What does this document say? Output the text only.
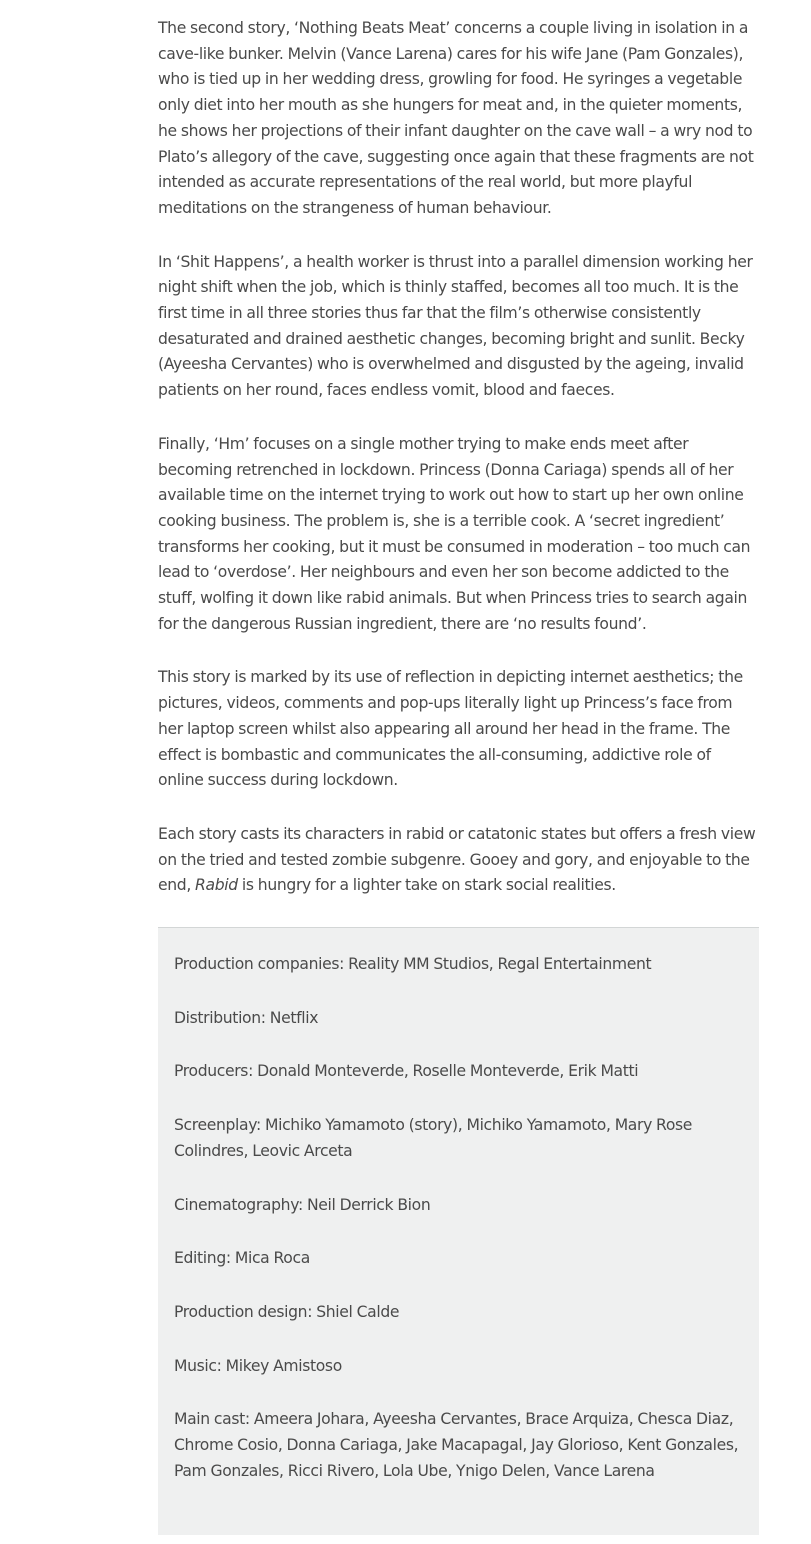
The second story, ‘Nothing Beats Meat’ concerns a couple living in isolation in a cave-like bunker. Melvin (Vance Larena) cares for his wife Jane (Pam Gonzales), who is tied up in her wedding dress, growling for food. He syringes a vegetable only diet into her mouth as she hungers for meat and, in the quieter moments, he shows her projections of their infant daughter on the cave wall – a wry nod to Plato’s allegory of the cave, suggesting once again that these fragments are not intended as accurate representations of the real world, but more playful meditations on the strangeness of human behaviour.

In ‘Shit Happens’, a health worker is thrust into a parallel dimension working her night shift when the job, which is thinly staffed, becomes all too much. It is the first time in all three stories thus far that the film’s otherwise consistently desaturated and drained aesthetic changes, becoming bright and sunlit. Becky (Ayeesha Cervantes) who is overwhelmed and disgusted by the ageing, invalid patients on her round, faces endless vomit, blood and faeces.

Finally, ‘Hm’ focuses on a single mother trying to make ends meet after becoming retrenched in lockdown. Princess (Donna Cariaga) spends all of her available time on the internet trying to work out how to start up her own online cooking business. The problem is, she is a terrible cook. A ‘secret ingredient’ transforms her cooking, but it must be consumed in moderation – too much can lead to ‘overdose’. Her neighbours and even her son become addicted to the stuff, wolfing it down like rabid animals. But when Princess tries to search again for the dangerous Russian ingredient, there are ‘no results found’.

This story is marked by its use of reflection in depicting internet aesthetics; the pictures, videos, comments and pop-ups literally light up Princess’s face from her laptop screen whilst also appearing all around her head in the frame. The effect is bombastic and communicates the all-consuming, addictive role of online success during lockdown.

Each story casts its characters in rabid or catatonic states but offers a fresh view on the tried and tested zombie subgenre. Gooey and gory, and enjoyable to the end, Rabid is hungry for a lighter take on stark social realities.

Production companies: Reality MM Studios, Regal Entertainment

Distribution: Netflix

Producers: Donald Monteverde, Roselle Monteverde, Erik Matti

Screenplay: Michiko Yamamoto (story), Michiko Yamamoto, Mary Rose Colindres, Leovic Arceta

Cinematography: Neil Derrick Bion

Editing: Mica Roca

Production design: Shiel Calde

Music: Mikey Amistoso

Main cast: Ameera Johara, Ayeesha Cervantes, Brace Arquiza, Chesca Diaz, Chrome Cosio, Donna Cariaga, Jake Macapagal, Jay Glorioso, Kent Gonzales, Pam Gonzales, Ricci Rivero, Lola Ube, Ynigo Delen, Vance Larena
